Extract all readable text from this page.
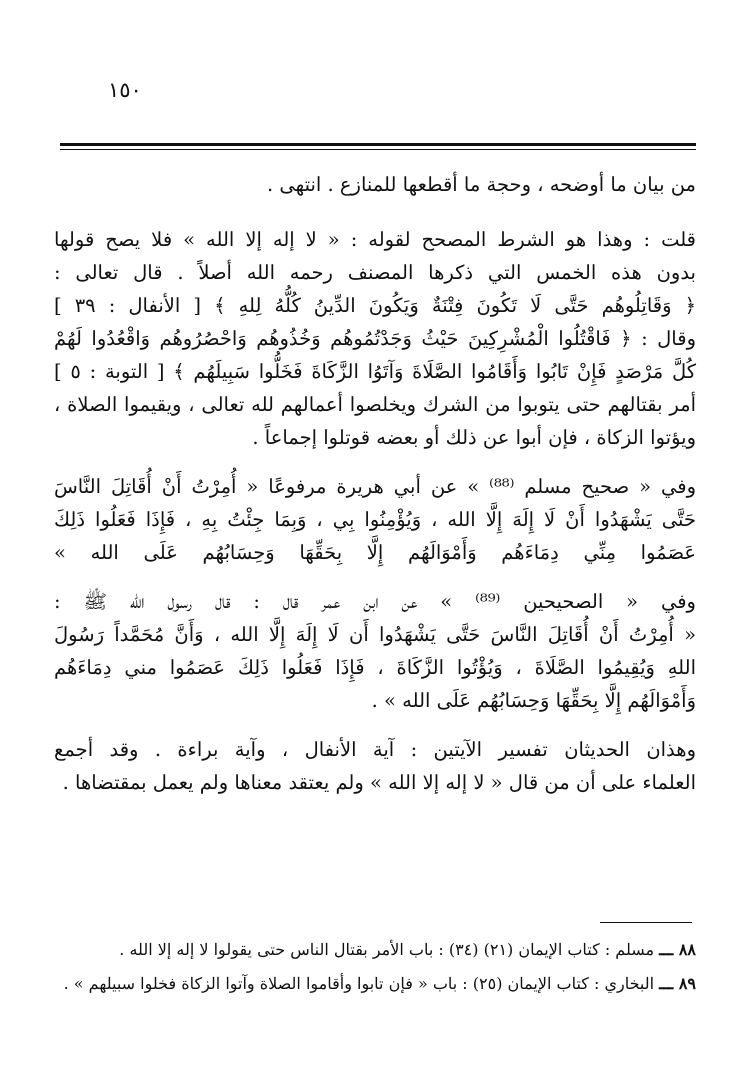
١٥٠
من بيان ما أوضحه ، وحجة ما أقطعها للمنازع . انتهى .
قلت : وهذا هو الشرط المصحح لقوله : « لا إله إلا الله » فلا يصح قولها
بدون هذه الخمس التي ذكرها المصنف رحمه الله أصلاً . قال تعالى :
﴿ وَقَاتِلُوهُم حَتَّى لَا تَكُونَ فِتْنَةٌ وَيَكُونَ الدِّينُ كُلُّهُ لِلهِ ﴾ [ الأنفال : ٣٩ ]
وقال : ﴿ فَاقْتُلُوا الْمُشْرِكِينَ حَيْثُ وَجَدْتُمُوهُم وَخُذُوهُم وَاحْصُرُوهُم وَاقْعُدُوا لَهُمْ
كُلَّ مَرْصَدٍ فَإِنْ تَابُوا وَأَقَامُوا الصَّلَاةَ وَآتَوُا الزَّكَاةَ فَخَلُّوا سَبِيلَهُم ﴾ [ التوبة : ٥ ]
أمر بقتالهم حتى يتوبوا من الشرك ويخلصوا أعمالهم لله تعالى ، ويقيموا الصلاة ،
ويؤتوا الزكاة ، فإن أبوا عن ذلك أو بعضه قوتلوا إجماعاً .
وفي « صحيح مسلم ⁽⁸⁸⁾ » عن أبي هريرة مرفوعًا « أُمِرْتُ أَنْ أُقَاتِلَ النَّاسَ
حَتَّى يَشْهَدُوا أَنْ لَا إِلَهَ إِلَّا الله ، وَيُؤْمِنُوا بِي ، وَبِمَا جِئْتُ بِهِ ، فَإِذَا فَعَلُوا ذَلِكَ
عَصَمُوا مِنِّي دِمَاءَهُم وَأَمْوَالَهُم إِلَّا بِحَقِّهَا وَحِسَابُهُم عَلَى الله »
وفي « الصحيحين ⁽⁸⁹⁾ » عن ابن عمر قال : قال رسول الله ﷺ :
« أُمِرْتُ أَنْ أُقَاتِلَ النَّاسَ حَتَّى يَشْهَدُوا أَن لَا إِلَهَ إِلَّا الله ، وَأَنَّ مُحَمَّداً رَسُولَ
اللهِ وَيُقِيمُوا الصَّلَاةَ ، وَيُؤْتُوا الزَّكَاةَ ، فَإِذَا فَعَلُوا ذَلِكَ عَصَمُوا مني دِمَاءَهُم
وَأَمْوَالَهُم إِلَّا بِحَقِّهَا وَحِسَابُهُم عَلَى الله » .
وهذان الحديثان تفسير الآيتين : آية الأنفال ، وآية براءة . وقد أجمع
العلماء على أن من قال « لا إله إلا الله » ولم يعتقد معناها ولم يعمل بمقتضاها .

٨٨ ـــ مسلم : كتاب الإيمان (٢١) (٣٤) : باب الأمر بقتال الناس حتى يقولوا لا إله إلا الله .

٨٩ ـــ البخاري : كتاب الإيمان (٢٥) : باب « فإن تابوا وأقاموا الصلاة وآتوا الزكاة فخلوا سبيلهم » .
